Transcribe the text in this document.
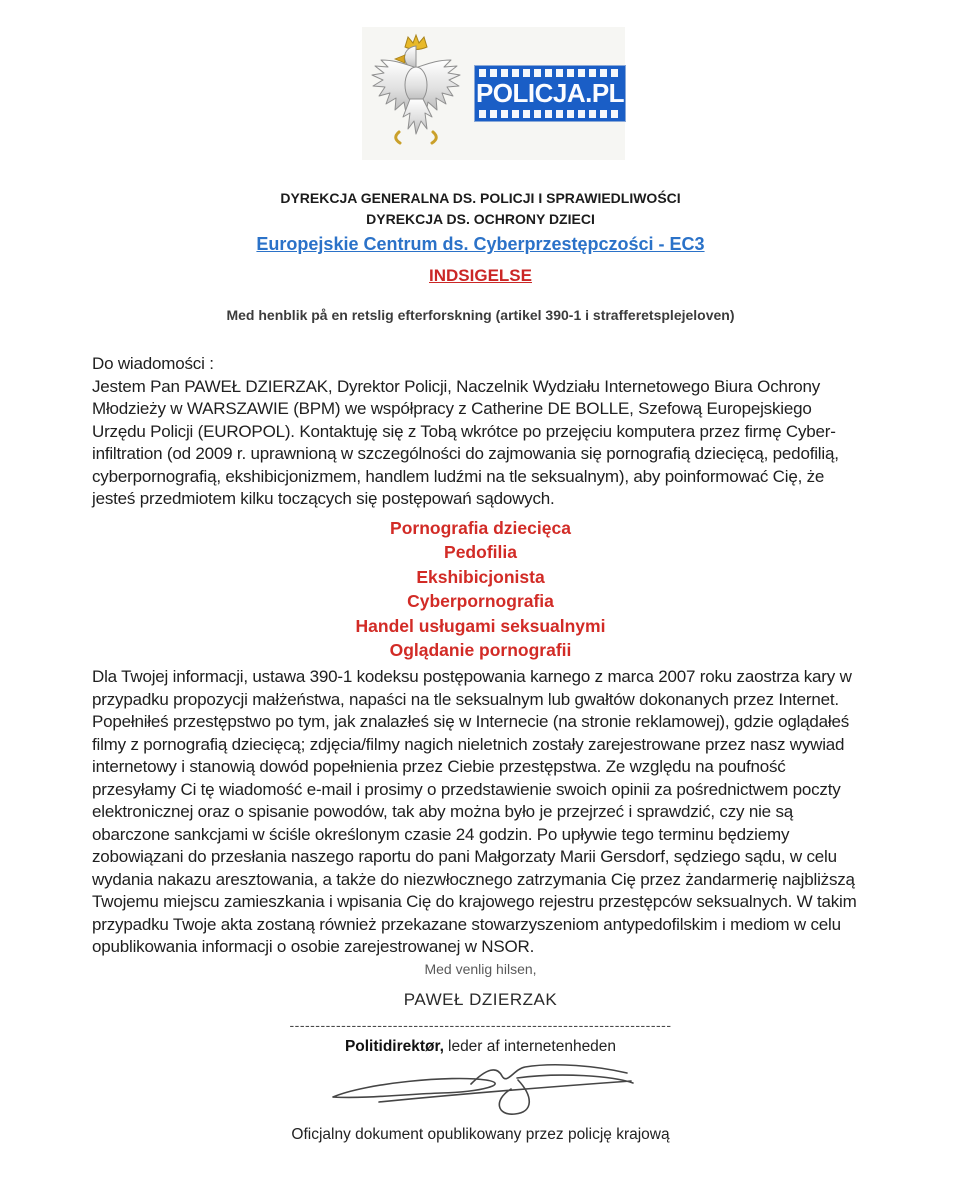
POLICJA.PL
DYREKCJA GENERALNA DS. POLICJI I SPRAWIEDLIWOŚCI
DYREKCJA DS. OCHRONY DZIECI
Europejskie Centrum ds. Cyberprzestępczości - EC3
INDSIGELSE
Med henblik på en retslig efterforskning (artikel 390-1 i strafferetsplejeloven)
Do wiadomości :
Jestem Pan PAWEŁ DZIERZAK, Dyrektor Policji, Naczelnik Wydziału Internetowego Biura Ochrony Młodzieży w WARSZAWIE (BPM) we współpracy z Catherine DE BOLLE, Szefową Europejskiego Urzędu Policji (EUROPOL). Kontaktuję się z Tobą wkrótce po przejęciu komputera przez firmę Cyber-infiltration (od 2009 r. uprawnioną w szczególności do zajmowania się pornografią dziecięcą, pedofilią, cyberpornografią, ekshibicjonizmem, handlem ludźmi na tle seksualnym), aby poinformować Cię, że jesteś przedmiotem kilku toczących się postępowań sądowych.
Pornografia dziecięca
Pedofilia
Ekshibicjonista
Cyberpornografia
Handel usługami seksualnymi
Oglądanie pornografii
Dla Twojej informacji, ustawa 390-1 kodeksu postępowania karnego z marca 2007 roku zaostrza kary w przypadku propozycji małżeństwa, napaści na tle seksualnym lub gwałtów dokonanych przez Internet. Popełniłeś przestępstwo po tym, jak znalazłeś się w Internecie (na stronie reklamowej), gdzie oglądałeś filmy z pornografią dziecięcą; zdjęcia/filmy nagich nieletnich zostały zarejestrowane przez nasz wywiad internetowy i stanowią dowód popełnienia przez Ciebie przestępstwa. Ze względu na poufność przesyłamy Ci tę wiadomość e-mail i prosimy o przedstawienie swoich opinii za pośrednictwem poczty elektronicznej oraz o spisanie powodów, tak aby można było je przejrzeć i sprawdzić, czy nie są obarczone sankcjami w ściśle określonym czasie 24 godzin. Po upływie tego terminu będziemy zobowiązani do przesłania naszego raportu do pani Małgorzaty Marii Gersdorf, sędziego sądu, w celu wydania nakazu aresztowania, a także do niezwłocznego zatrzymania Cię przez żandarmerię najbliższą Twojemu miejscu zamieszkania i wpisania Cię do krajowego rejestru przestępców seksualnych. W takim przypadku Twoje akta zostaną również przekazane stowarzyszeniom antypedofilskim i mediom w celu opublikowania informacji o osobie zarejestrowanej w NSOR.
Med venlig hilsen,
PAWEŁ DZIERZAK
--------------------------------------------------------------------------
Politidirektør, leder af internetenheden
Oficjalny dokument opublikowany przez policję krajową
